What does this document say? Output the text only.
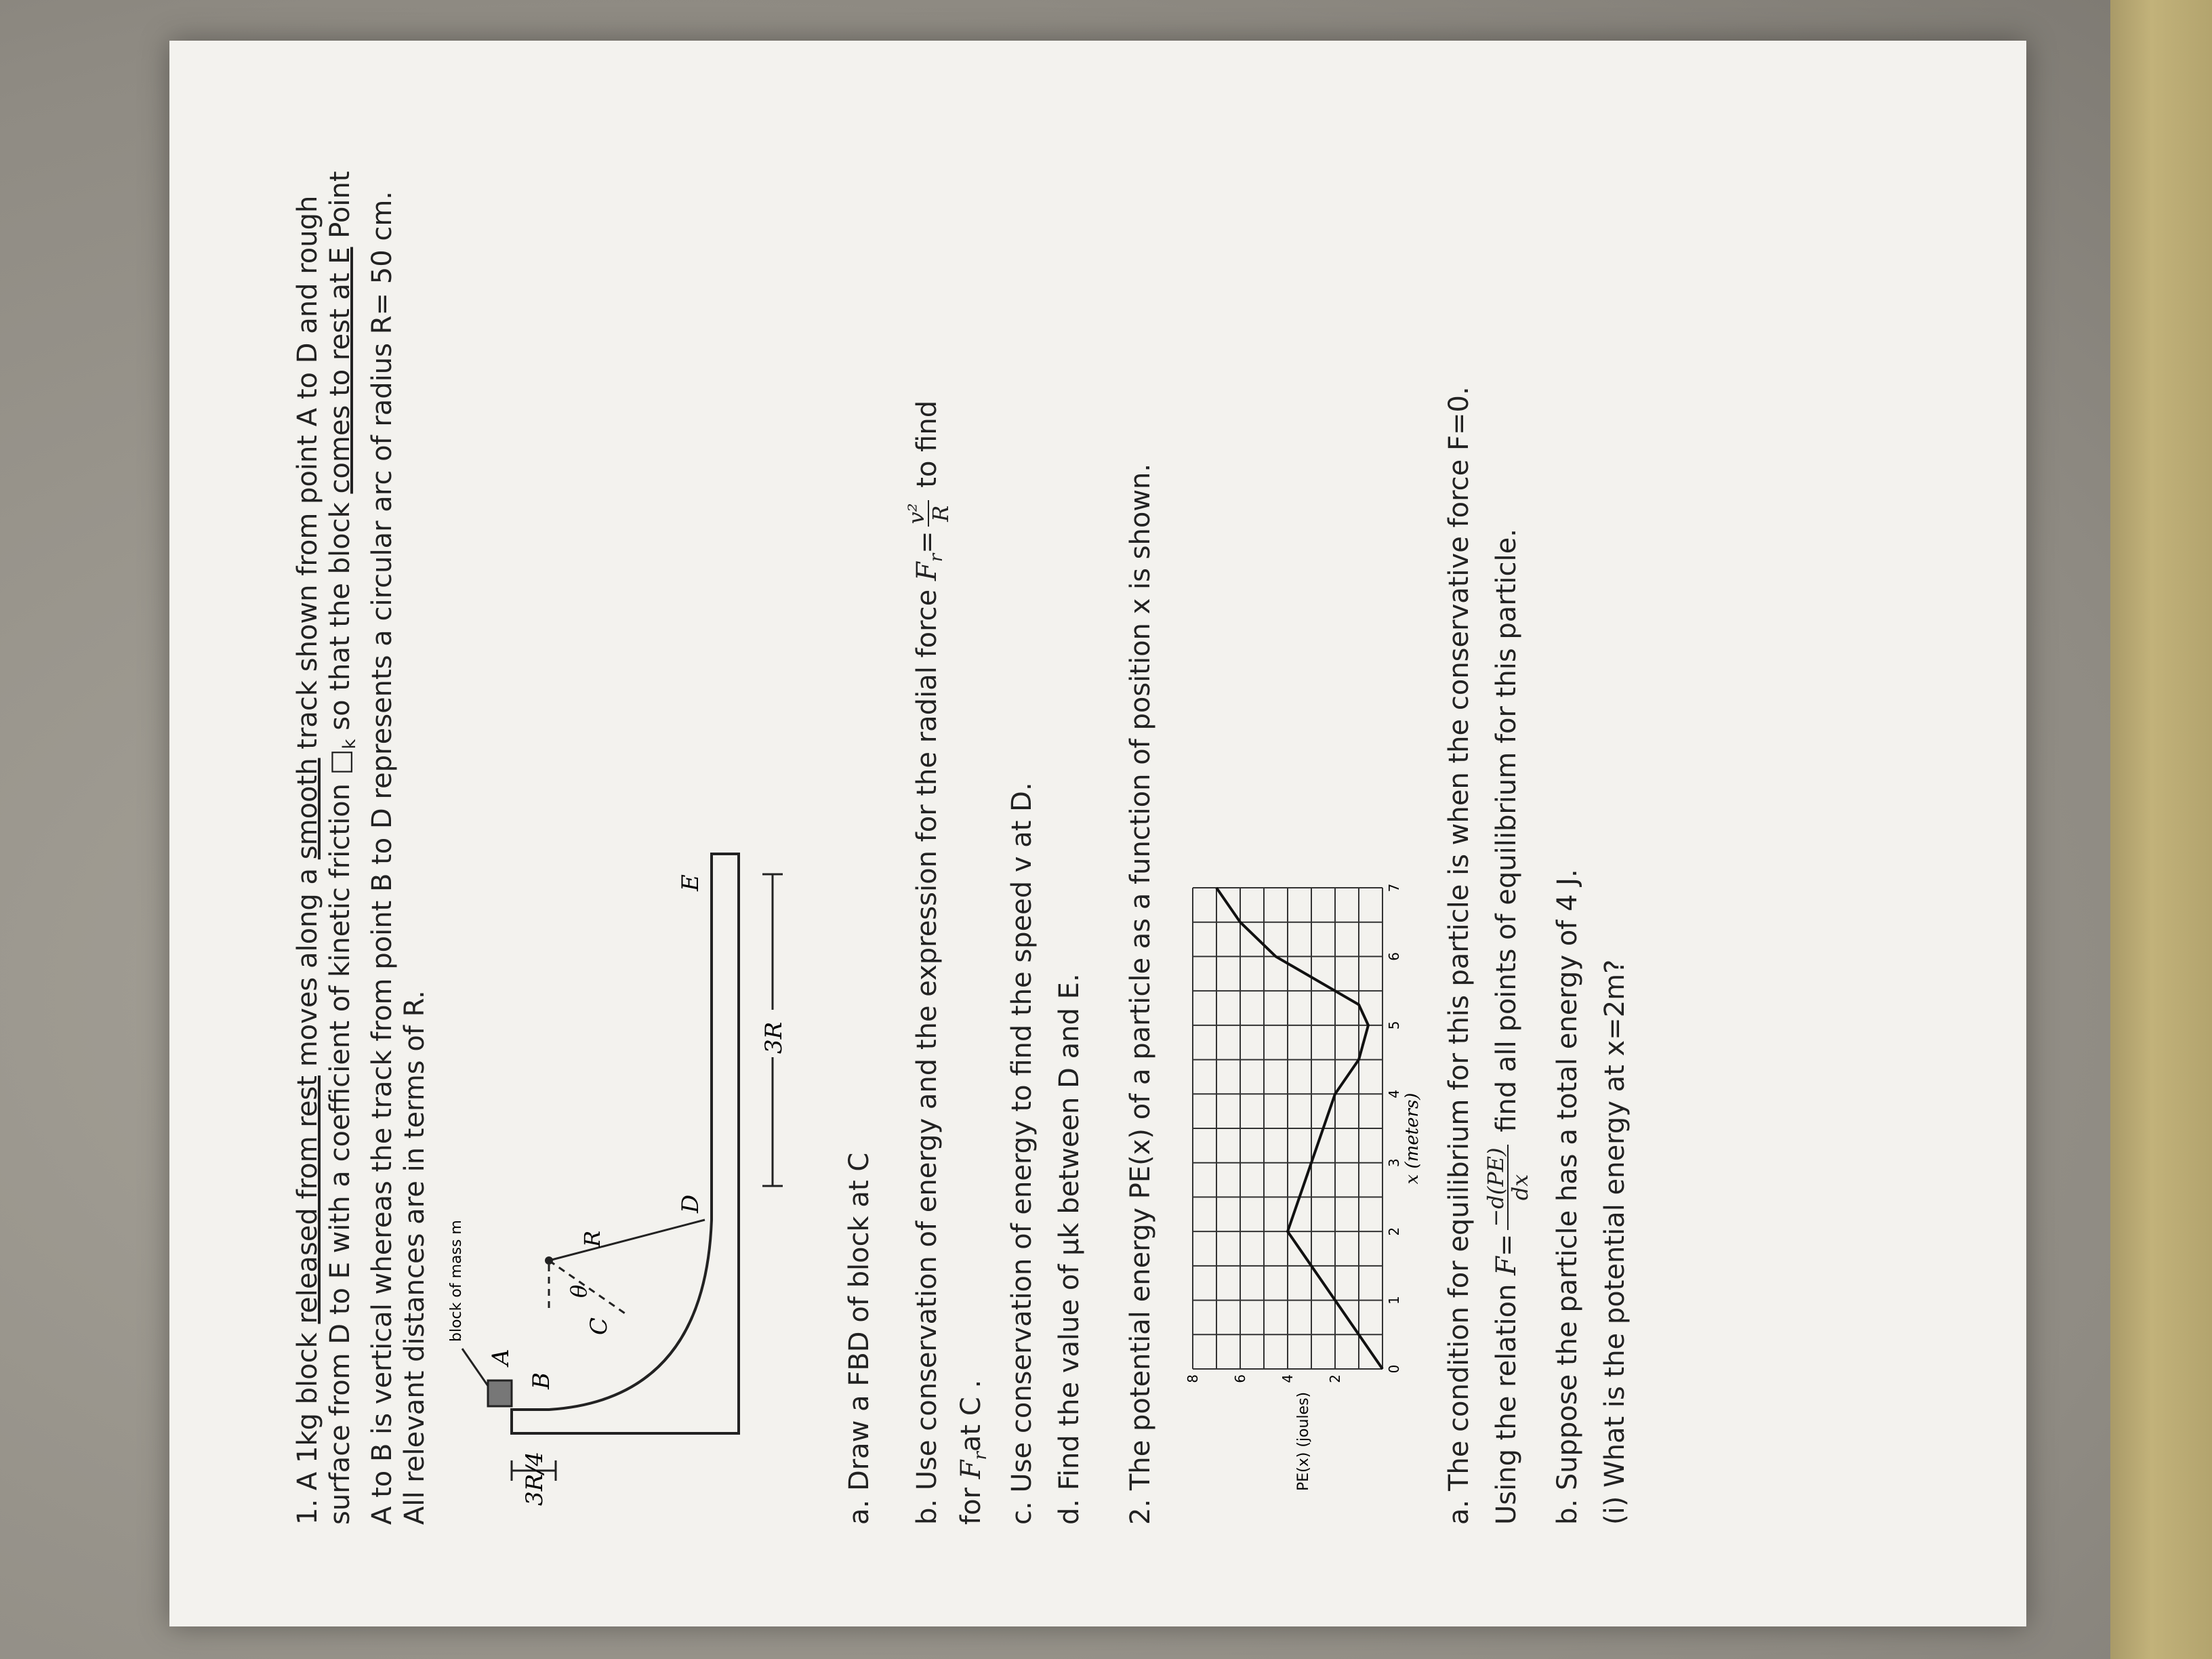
1. A 1kg block released from rest moves along a smooth track shown from point A to D and rough surface from D to E with a coefficient of kinetic friction $□_k$ so that the block comes to rest at E Point A to B is vertical whereas the track from point B to D represents a circular arc of radius R= 50 cm. All relevant distances are in terms of R. block of mass m
3R/4
B
A
C
θ
R
D
E
3R
a. Draw a FBD of block at C b. Use conservation of energy and the expression for the radial force $F_r=$
v²
R
to find
for $F_rat$ C . c. Use conservation of energy to find the speed v at D. d. Find the value of μk between D and E. 2. The potential energy PE(x) of a particle as a function of position x is shown.	0
1
2
3
4
5
6
7
2
4
6
8
PE(x) (joules)
x (meters) a. The condition for equilibrium for this particle is when the conservative force F=0. Using the relation F=
−d(PE)
dx
find all points of equilibrium for this particle.
b. Suppose the particle has a total energy of 4 J. (i) What is the potential energy at x=2m?
